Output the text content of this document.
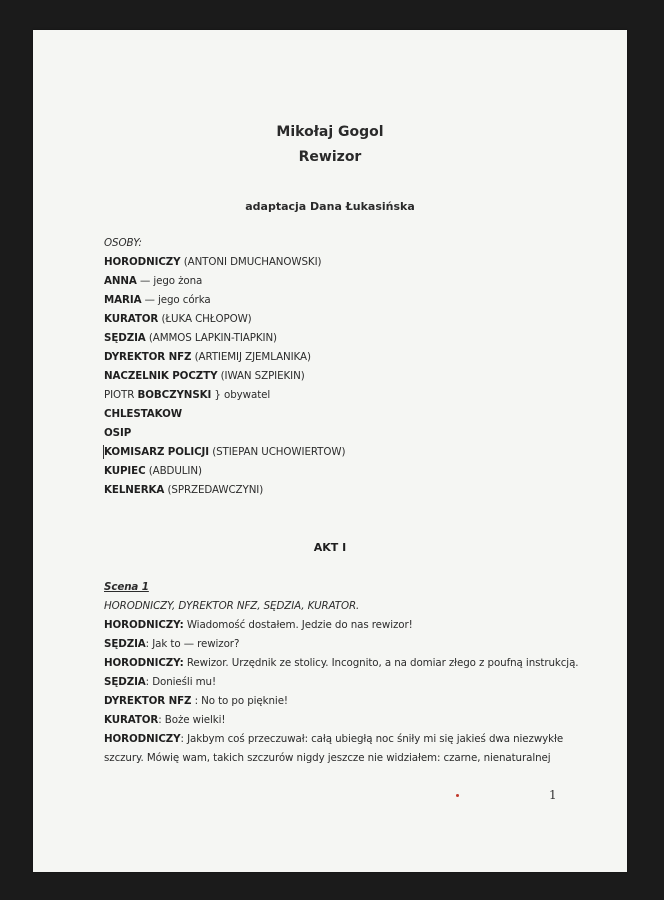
Mikołaj Gogol
Rewizor
adaptacja Dana Łukasińska
OSOBY:
HORODNICZY (ANTONI DMUCHANOWSKI)
ANNA — jego żona
MARIA — jego córka
KURATOR (ŁUKA CHŁOPOW)
SĘDZIA (AMMOS LAPKIN-TIAPKIN)
DYREKTOR NFZ (ARTIEMIJ ZJEMLANIKA)
NACZELNIK POCZTY (IWAN SZPIEKIN)
PIOTR BOBCZYNSKI } obywatel
CHLESTAKOW
OSIP
KOMISARZ POLICJI (STIEPAN UCHOWIERTOW)
KUPIEC (ABDULIN)
KELNERKA (SPRZEDAWCZYNI)
AKT I
Scena 1
HORODNICZY, DYREKTOR NFZ, SĘDZIA, KURATOR.
HORODNICZY: Wiadomość dostałem. Jedzie do nas rewizor!
SĘDZIA: Jak to — rewizor?
HORODNICZY: Rewizor. Urzędnik ze stolicy. Incognito, a na domiar złego z poufną instrukcją.
SĘDZIA: Donieśli mu!
DYREKTOR NFZ : No to po pięknie!
KURATOR: Boże wielki!
HORODNICZY: Jakbym coś przeczuwał: całą ubiegłą noc śniły mi się jakieś dwa niezwykłe
szczury. Mówię wam, takich szczurów nigdy jeszcze nie widziałem: czarne, nienaturalnej
1
